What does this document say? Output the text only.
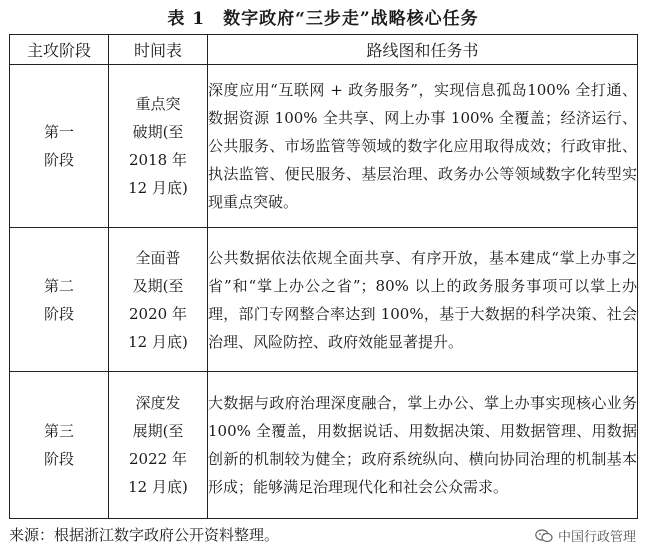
表 1　数字政府“三步走”战略核心任务
主攻阶段	时间表	路线图和任务书

第一
阶段	重点突
破期(至
2018 年
12 月底)	深度应用“互联网 + 政务服务”，实现信息孤岛100% 全打通、数据资源 100% 全共享、网上办事 100% 全覆盖；经济运行、公共服务、市场监管等领域的数字化应用取得成效；行政审批、执法监管、便民服务、基层治理、政务办公等领域数字化转型实现重点突破。

第二
阶段	全面普
及期(至
2020 年
12 月底)	公共数据依法依规全面共享、有序开放，基本建成“掌上办事之省”和“掌上办公之省”；80% 以上的政务服务事项可以掌上办理，部门专网整合率达到 100%，基于大数据的科学决策、社会治理、风险防控、政府效能显著提升。

第三
阶段	深度发
展期(至
2022 年
12 月底)	大数据与政府治理深度融合，掌上办公、掌上办事实现核心业务 100% 全覆盖，用数据说话、用数据决策、用数据管理、用数据创新的机制较为健全；政府系统纵向、横向协同治理的机制基本形成；能够满足治理现代化和社会公众需求。
来源：根据浙江数字政府公开资料整理。	中国行政管理
